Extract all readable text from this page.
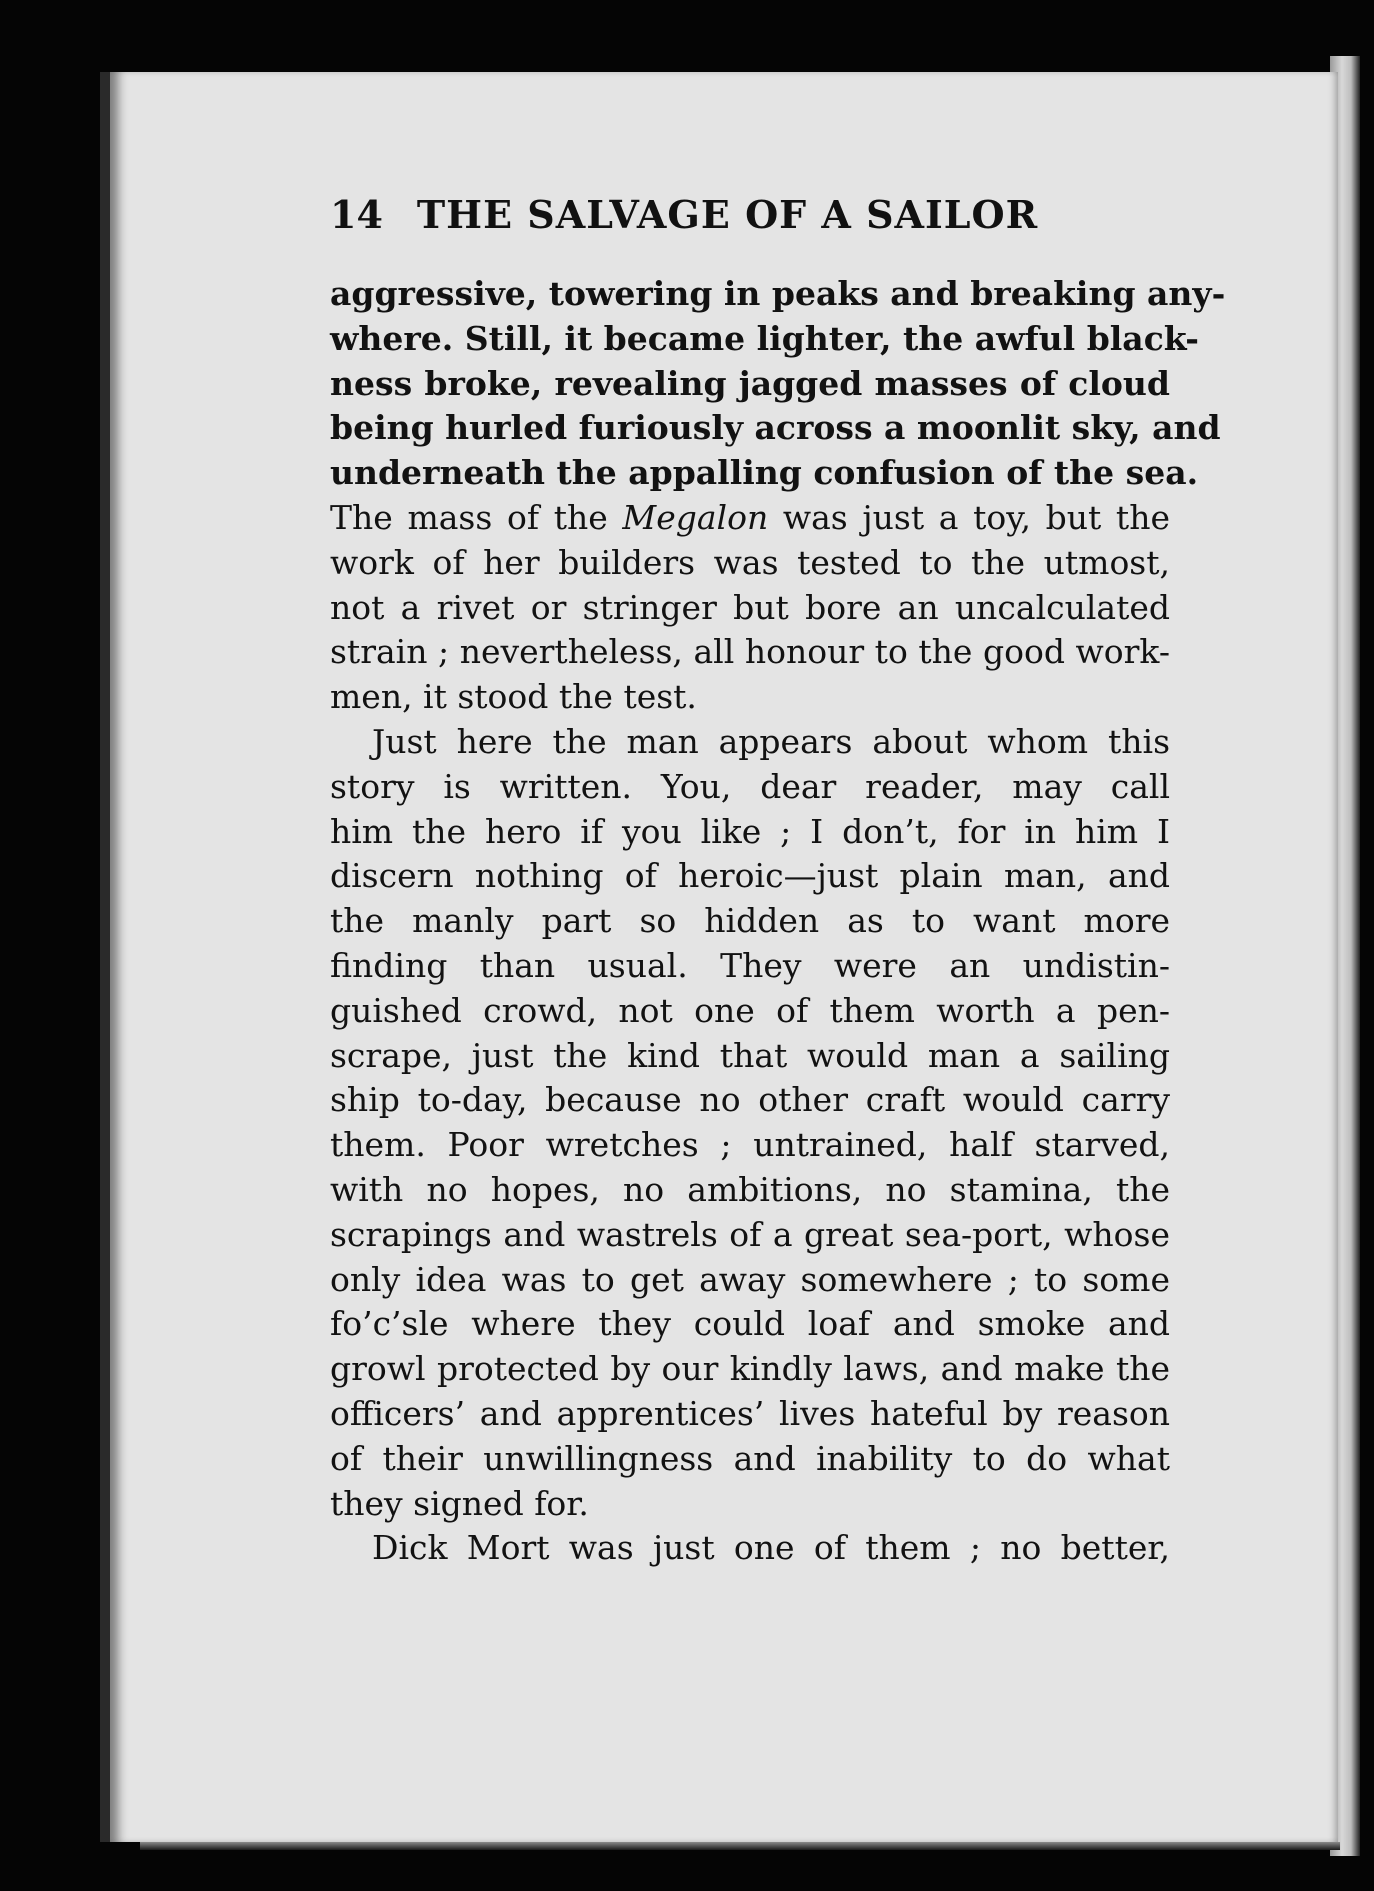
14 THE SALVAGE OF A SAILOR
aggressive, towering in peaks and breaking any-
where. Still, it became lighter, the awful black-
ness broke, revealing jagged masses of cloud
being hurled furiously across a moonlit sky, and
underneath the appalling confusion of the sea.
The mass of the Megalon was just a toy, but the
work of her builders was tested to the utmost,
not a rivet or stringer but bore an uncalculated
strain ; nevertheless, all honour to the good work-
men, it stood the test.
Just here the man appears about whom this
story is written. You, dear reader, may call
him the hero if you like ; I don’t, for in him I
discern nothing of heroic—just plain man, and
the manly part so hidden as to want more
finding than usual. They were an undistin-
guished crowd, not one of them worth a pen-
scrape, just the kind that would man a sailing
ship to-day, because no other craft would carry
them. Poor wretches ; untrained, half starved,
with no hopes, no ambitions, no stamina, the
scrapings and wastrels of a great sea-port, whose
only idea was to get away somewhere ; to some
fo’c’sle where they could loaf and smoke and
growl protected by our kindly laws, and make the
officers’ and apprentices’ lives hateful by reason
of their unwillingness and inability to do what
they signed for.
Dick Mort was just one of them ; no better,
